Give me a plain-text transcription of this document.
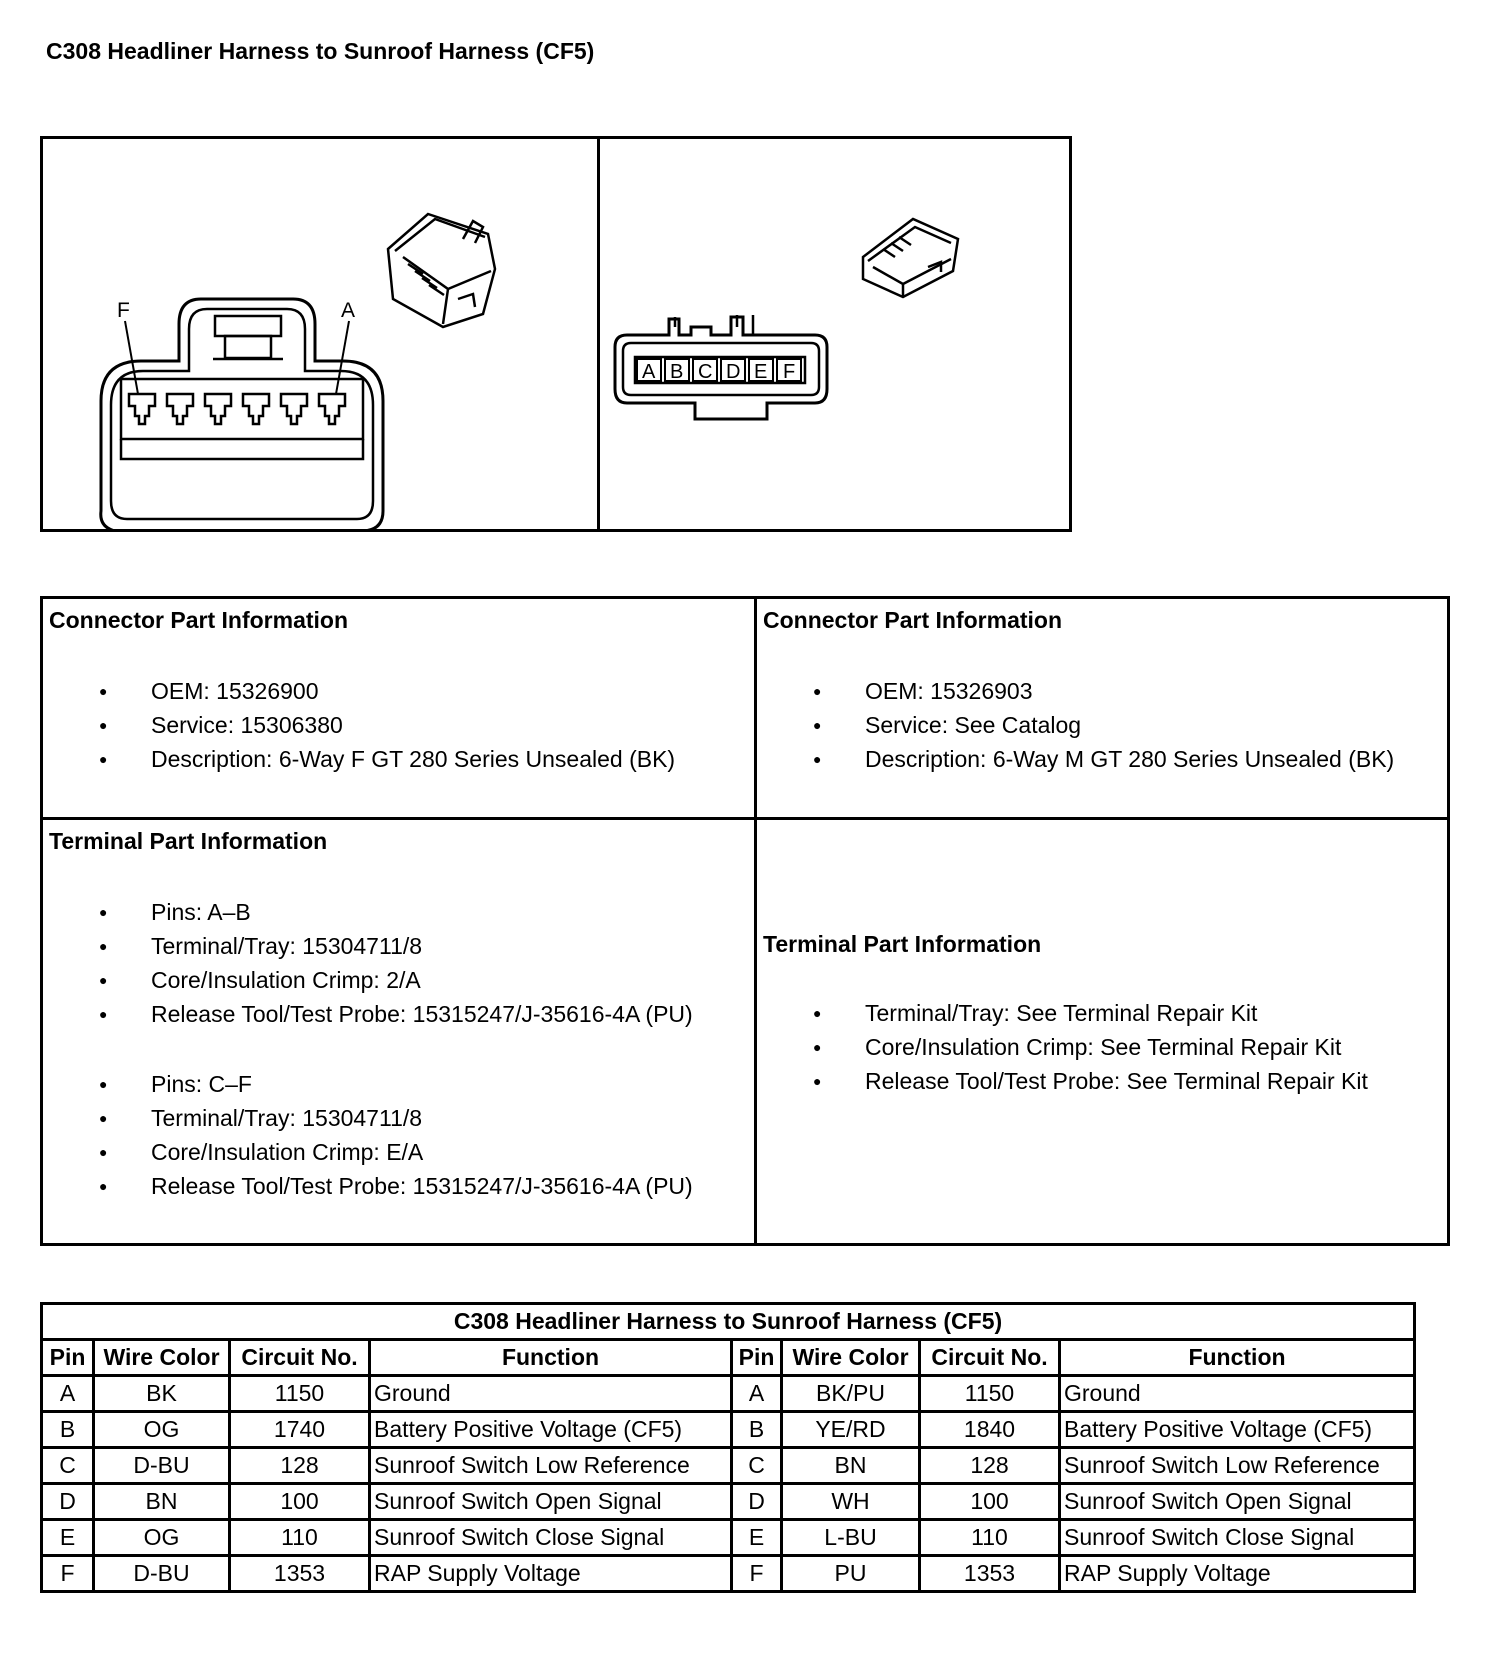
C308 Headliner Harness to Sunroof Harness (CF5)
F	A
A B C D E F
Connector Part Information
● OEM: 15326900
● Service: 15306380
● Description: 6-Way F GT 280 Series Unsealed (BK)
Connector Part Information
● OEM: 15326903
● Service: See Catalog
● Description: 6-Way M GT 280 Series Unsealed (BK)
Terminal Part Information
● Pins: A–B
● Terminal/Tray: 15304711/8
● Core/Insulation Crimp: 2/A
● Release Tool/Test Probe: 15315247/J-35616-4A (PU)
● Pins: C–F
● Terminal/Tray: 15304711/8
● Core/Insulation Crimp: E/A
● Release Tool/Test Probe: 15315247/J-35616-4A (PU)
Terminal Part Information
● Terminal/Tray: See Terminal Repair Kit
● Core/Insulation Crimp: See Terminal Repair Kit
● Release Tool/Test Probe: See Terminal Repair Kit
C308 Headliner Harness to Sunroof Harness (CF5)							
Pin	Wire Color	Circuit No.	Function	Pin	Wire Color	Circuit No.	Function
A	BK	1150	Ground	A	BK/PU	1150	Ground
B	OG	1740	Battery Positive Voltage (CF5)	B	YE/RD	1840	Battery Positive Voltage (CF5)
C	D-BU	128	Sunroof Switch Low Reference	C	BN	128	Sunroof Switch Low Reference
D	BN	100	Sunroof Switch Open Signal	D	WH	100	Sunroof Switch Open Signal
E	OG	110	Sunroof Switch Close Signal	E	L-BU	110	Sunroof Switch Close Signal
F	D-BU	1353	RAP Supply Voltage	F	PU	1353	RAP Supply Voltage
